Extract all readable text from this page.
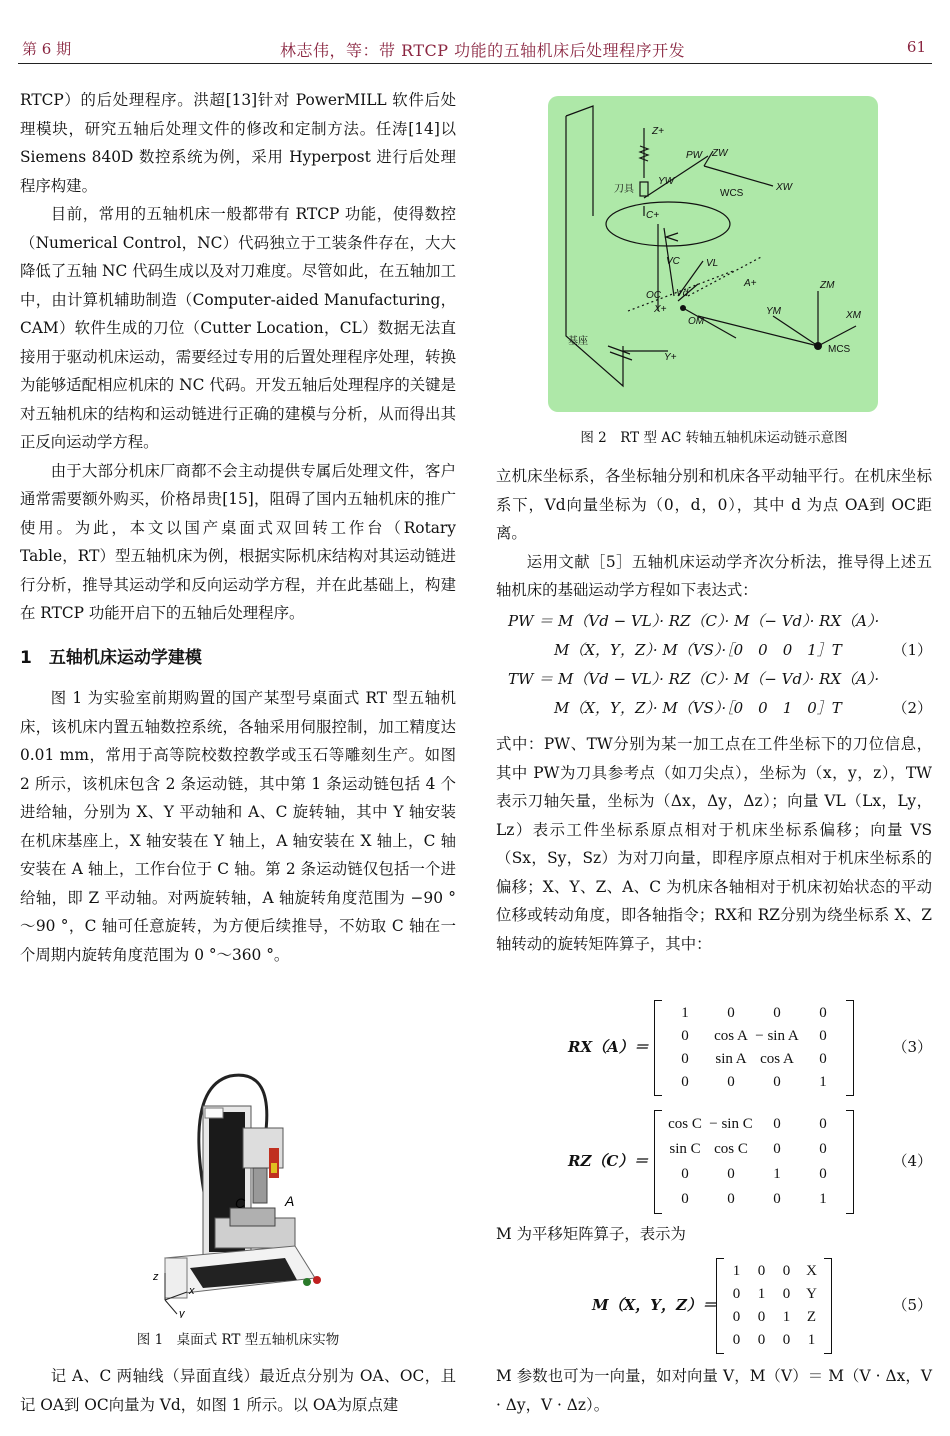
第 6 期	林志伟，等：带 RTCP 功能的五轴机床后处理程序开发	61

RTCP）的后处理程序。洪超[13]针对 PowerMILL 软件后处理模块，研究五轴后处理文件的修改和定制方法。任涛[14]以 Siemens 840D 数控系统为例，采用 Hyperpost 进行后处理程序构建。

目前，常用的五轴机床一般都带有 RTCP 功能，使得数控（Numerical Control，NC）代码独立于工装条件存在，大大降低了五轴 NC 代码生成以及对刀难度。尽管如此，在五轴加工中，由计算机辅助制造（Computer-aided Manufacturing，CAM）软件生成的刀位（Cutter Location，CL）数据无法直接用于驱动机床运动，需要经过专用的后置处理程序处理，转换为能够适配相应机床的 NC 代码。开发五轴后处理程序的关键是对五轴机床的结构和运动链进行正确的建模与分析，从而得出其正反向运动学方程。

由于大部分机床厂商都不会主动提供专属后处理文件，客户通常需要额外购买，价格昂贵[15]，阻碍了国内五轴机床的推广使用。为此，本文以国产桌面式双回转工作台（Rotary Table，RT）型五轴机床为例，根据实际机床结构对其运动链进行分析，推导其运动学和反向运动学方程，并在此基础上，构建在 RTCP 功能开启下的五轴后处理程序。

1　五轴机床运动学建模

图 1 为实验室前期购置的国产某型号桌面式 RT 型五轴机床，该机床内置五轴数控系统，各轴采用伺服控制，加工精度达 0.01 mm，常用于高等院校数控教学或玉石等雕刻生产。如图 2 所示，该机床包含 2 条运动链，其中第 1 条运动链包括 4 个进给轴，分别为 X、Y 平动轴和 A、C 旋转轴，其中 Y 轴安装在机床基座上，X 轴安装在 Y 轴上，A 轴安装在 X 轴上，C 轴安装在 A 轴上，工作台位于 C 轴。第 2 条运动链仅包括一个进给轴，即 Z 平动轴。对两旋转轴，A 轴旋转角度范围为 −90 °～90 °，C 轴可任意旋转，为方便后续推导，不妨取 C 轴在一个周期内旋转角度范围为 0 °～360 °。

z
x
y
C	A
图 1　桌面式 RT 型五轴机床实物

记 A、C 两轴线（异面直线）最近点分别为 OA、OC，且记 OA到 OC向量为 Vd，如图 1 所示。以 OA为原点建

Z+
PW ZW
YW
刀具	WCS
XW
C+
VC	VL
OC Vd
A+
X+
OM
ZM
YM	XM
MCS
基座
Y+
图 2　RT 型 AC 转轴五轴机床运动链示意图

立机床坐标系，各坐标轴分别和机床各平动轴平行。在机床坐标系下，Vd向量坐标为（0，d，0），其中 d 为点 OA到 OC距离。

运用文献［5］五轴机床运动学齐次分析法，推导得上述五轴机床的基础运动学方程如下表达式：

PW ＝ M（Vd − VL）· RZ（C）· M（− Vd）· RX（A）·
M（X，Y，Z）· M（VS）·［0　0　0　1］T	（1）
TW ＝ M（Vd − VL）· RZ（C）· M（− Vd）· RX（A）·
M（X，Y，Z）· M（VS）·［0　0　1　0］T	（2）

式中：PW、TW分别为某一加工点在工件坐标下的刀位信息，其中 PW为刀具参考点（如刀尖点），坐标为（x，y，z），TW表示刀轴矢量，坐标为（Δx，Δy，Δz）；向量 VL（Lx，Ly，Lz）表示工件坐标系原点相对于机床坐标系偏移；向量 VS（Sx，Sy，Sz）为对刀向量，即程序原点相对于机床坐标系的偏移；X、Y、Z、A、C 为机床各轴相对于机床初始状态的平动位移或转动角度，即各轴指令；RX和 RZ分别为绕坐标系 X、Z 轴转动的旋转矩阵算子，其中：

RX（A）＝
1	0	0	0
0	cos A − sin A	0
0	sin A cos A	0
0	0	0	1
（3）
RZ（C）＝
cos C − sin C	0	0
sin C cos C	0	0
0	0	1	0
0	0	0	1
（4）

M 为平移矩阵算子，表示为

M（X，Y，Z）＝
1	0	0	X
0	1	0	Y
0	0	1	Z
0	0	0	1
（5）

M 参数也可为一向量，如对向量 V，M（V）＝ M（V · Δx，V · Δy，V · Δz）。
